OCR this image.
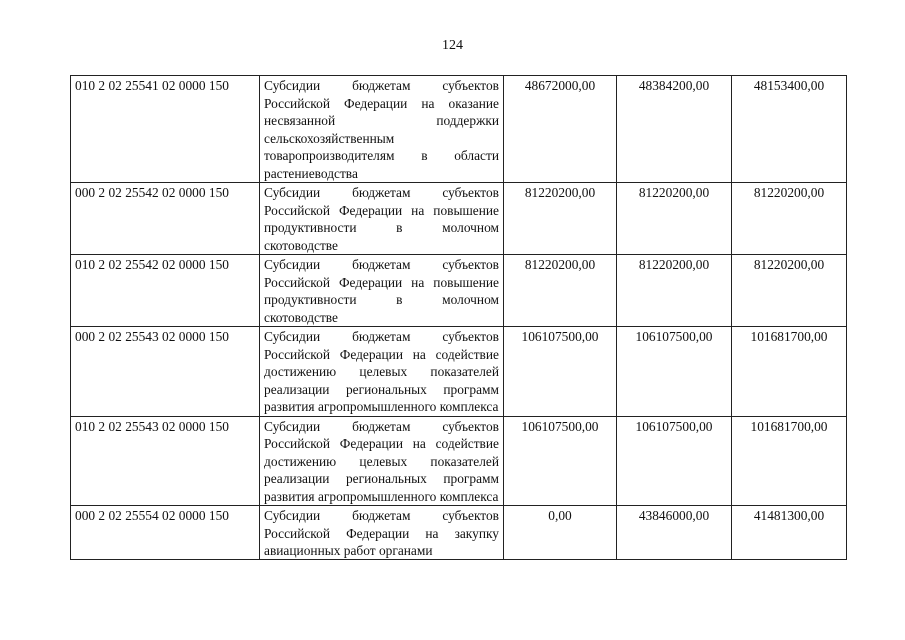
124
010 2 02 25541 02 0000 150	Субсидии бюджетам субъектов Российской Федерации на оказание несвязанной поддержки сельскохозяйственным товаропроизводителям в области растениеводства	48672000,00	48384200,00	48153400,00
000 2 02 25542 02 0000 150	Субсидии бюджетам субъектов Российской Федерации на повышение продуктивности в молочном скотоводстве	81220200,00	81220200,00	81220200,00
010 2 02 25542 02 0000 150	Субсидии бюджетам субъектов Российской Федерации на повышение продуктивности в молочном скотоводстве	81220200,00	81220200,00	81220200,00
000 2 02 25543 02 0000 150	Субсидии бюджетам субъектов Российской Федерации на содействие достижению целевых показателей реализации региональных программ развития агропромышленного комплекса	106107500,00	106107500,00	101681700,00
010 2 02 25543 02 0000 150	Субсидии бюджетам субъектов Российской Федерации на содействие достижению целевых показателей реализации региональных программ развития агропромышленного комплекса	106107500,00	106107500,00	101681700,00
000 2 02 25554 02 0000 150	Субсидии бюджетам субъектов Российской Федерации на закупку авиационных работ органами	0,00	43846000,00	41481300,00
